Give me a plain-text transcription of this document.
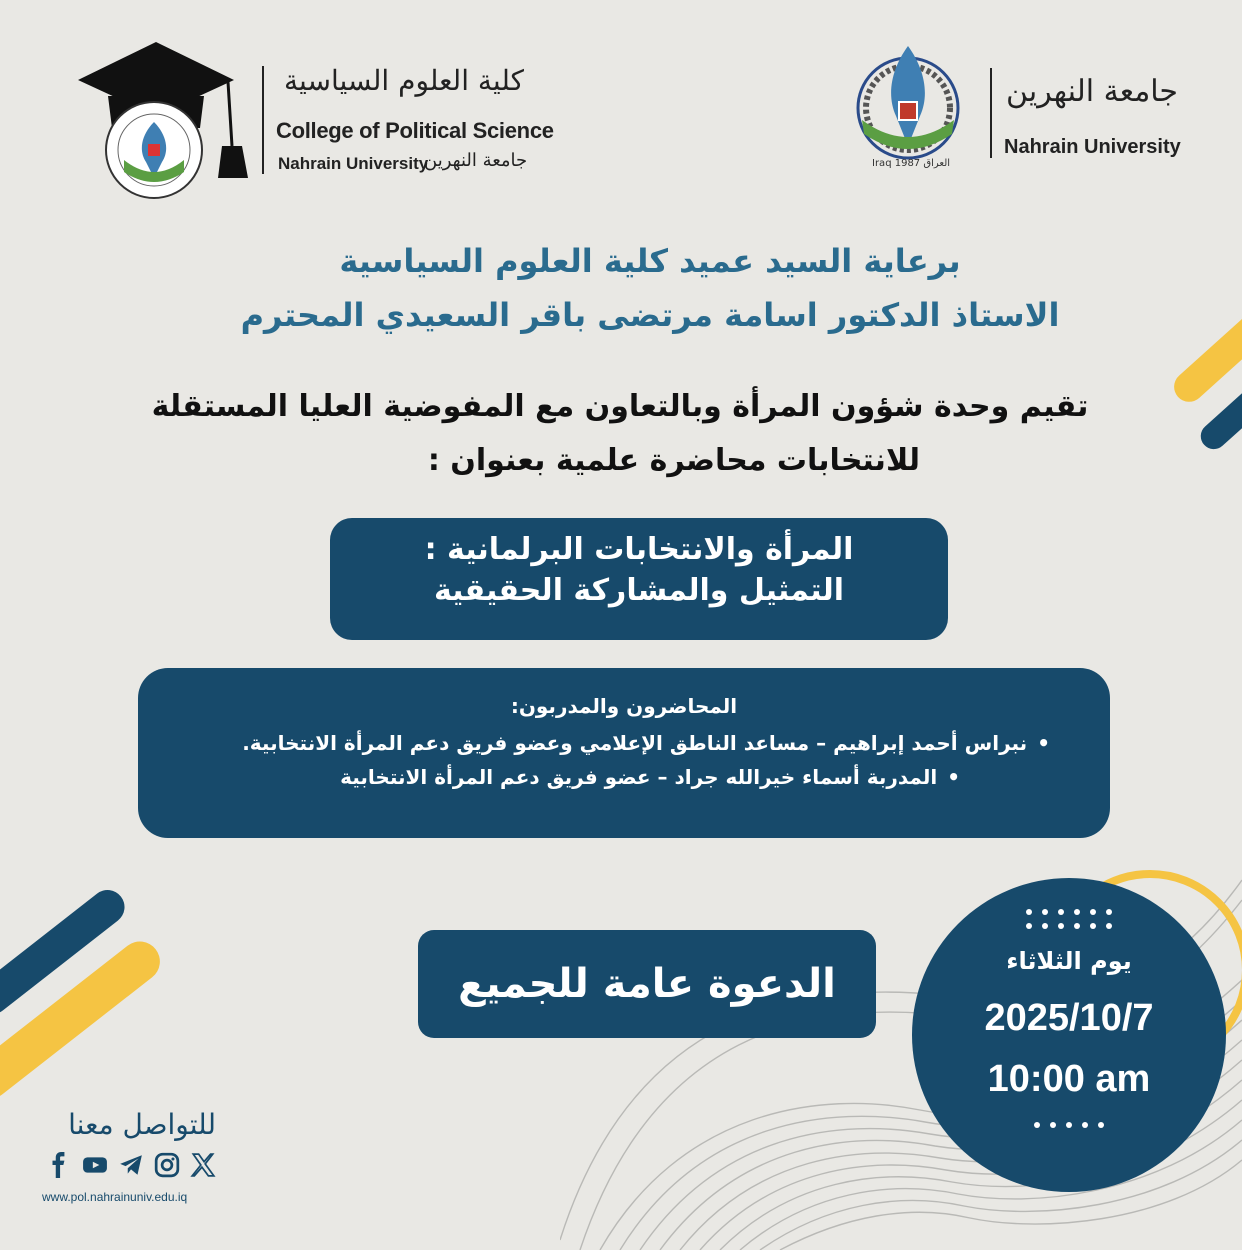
كلية العلوم السياسية
College of Political Science
Nahrain University
جامعة النهرين	Iraq 1987 العراق
جامعة النهرين
Nahrain University
برعاية السيد عميد كلية العلوم السياسية
الاستاذ الدكتور اسامة مرتضى باقر السعيدي المحترم
تقيم وحدة شؤون المرأة وبالتعاون مع المفوضية العليا المستقلة
للانتخابات محاضرة علمية بعنوان :
المرأة والانتخابات البرلمانية :
التمثيل والمشاركة الحقيقية
المحاضرون والمدربون:
•نبراس أحمد إبراهيم – مساعد الناطق الإعلامي وعضو فريق دعم المرأة الانتخابية.
•المدربة أسماء خيرالله جراد – عضو فريق دعم المرأة الانتخابية
الدعوة عامة للجميع	يوم الثلاثاء
2025/10/7
10:00 am
للتواصل معنا
www.pol.nahrainuniv.edu.iq
